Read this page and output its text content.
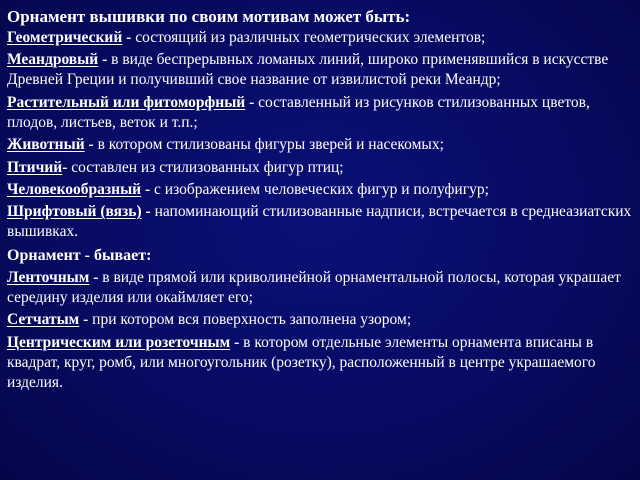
Орнамент вышивки по своим мотивам может быть:

Геометрический - состоящий из различных геометрических элементов;

Меандровый - в виде беспрерывных ломаных линий, широко применявшийся в искусстве Древней Греции и получивший свое название от извилистой реки Меандр;

Растительный или фитоморфный - составленный из рисунков стилизованных цветов, плодов, листьев, веток и т.п.;

Животный - в котором стилизованы фигуры зверей и насекомых;

Птичий- составлен из стилизованных фигур птиц;

Человекообразный - с изображением человеческих фигур и полуфигур;

Шрифтовый (вязь) - напоминающий стилизованные надписи, встречается в среднеазиатских вышивках.

Орнамент - бывает:

Ленточным - в виде прямой или криволинейной орнаментальной полосы, которая украшает середину изделия или окаймляет его;

Сетчатым - при котором вся поверхность заполнена узором;

Центрическим или розеточным - в котором отдельные элементы орнамента вписаны в квадрат, круг, ромб, или многоугольник (розетку), расположенный в центре украшаемого изделия.
